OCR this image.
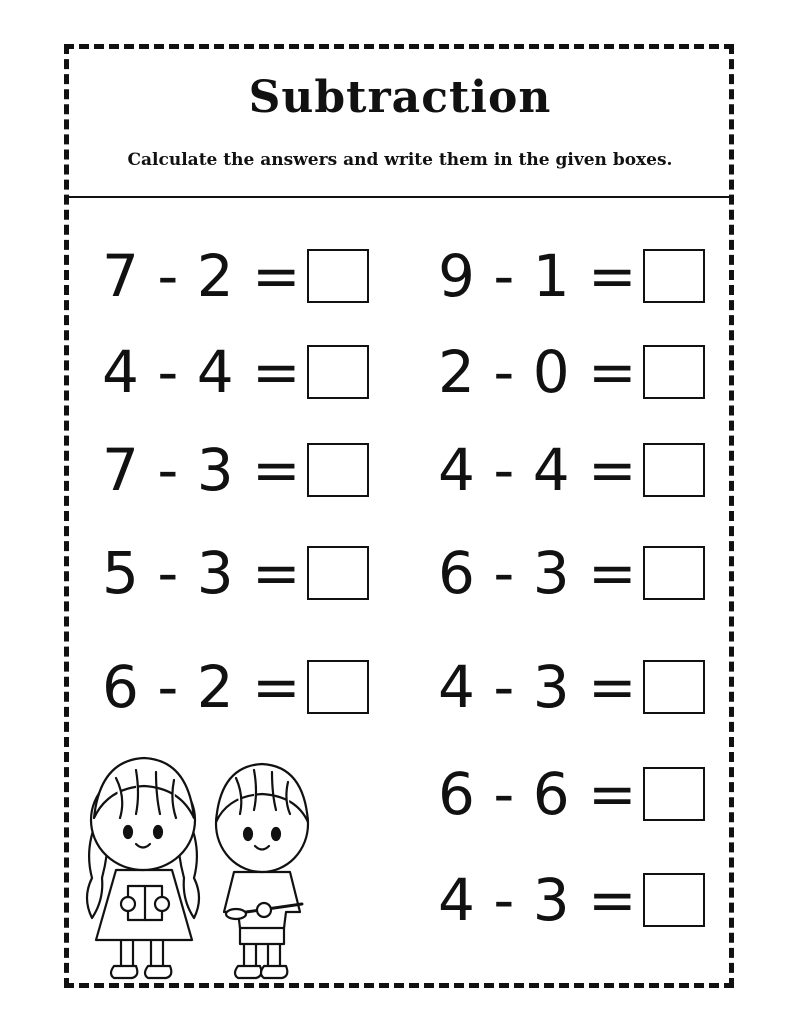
Subtraction
Calculate the answers and write them in the given boxes.
7 - 2 =
4 - 4 =
7 - 3 =
5 - 3 =
6 - 2 =
9 - 1 =
2 - 0 =
4 - 4 =
6 - 3 =
4 - 3 =
6 - 6 =
4 - 3 =
